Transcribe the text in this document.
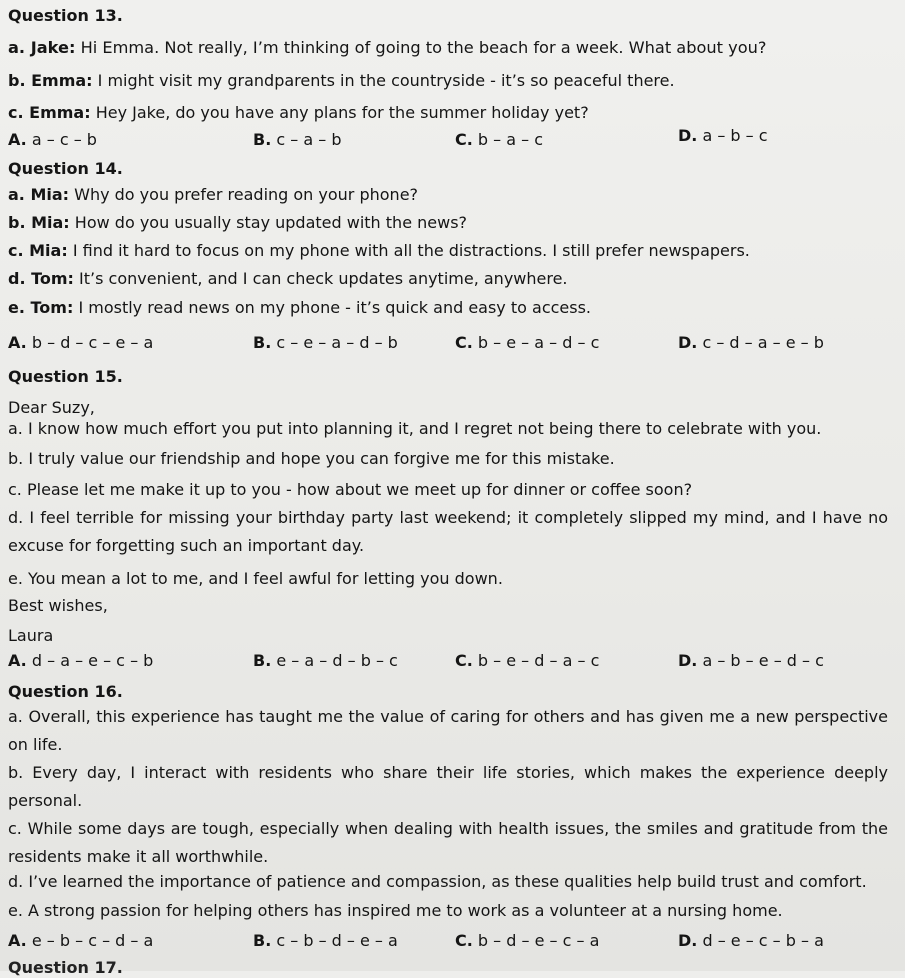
Question 13.
a. Jake: Hi Emma. Not really, I’m thinking of going to the beach for a week. What about you?
b. Emma: I might visit my grandparents in the countryside - it’s so peaceful there.
c. Emma: Hey Jake, do you have any plans for the summer holiday yet?
A. a – c – b	B. c – a – b	C. b – a – c	D. a – b – c
Question 14.
a. Mia: Why do you prefer reading on your phone?
b. Mia: How do you usually stay updated with the news?
c. Mia: I find it hard to focus on my phone with all the distractions. I still prefer newspapers.
d. Tom: It’s convenient, and I can check updates anytime, anywhere.
e. Tom: I mostly read news on my phone - it’s quick and easy to access.
A. b – d – c – e – a	B. c – e – a – d – b	C. b – e – a – d – c	D. c – d – a – e – b
Question 15.
Dear Suzy,
a. I know how much effort you put into planning it, and I regret not being there to celebrate with you.
b. I truly value our friendship and hope you can forgive me for this mistake.
c. Please let me make it up to you - how about we meet up for dinner or coffee soon?
d. I feel terrible for missing your birthday party last weekend; it completely slipped my mind, and I have no excuse for forgetting such an important day.
e. You mean a lot to me, and I feel awful for letting you down.
Best wishes,
Laura
A. d – a – e – c – b	B. e – a – d – b – c	C. b – e – d – a – c	D. a – b – e – d – c
Question 16.
a. Overall, this experience has taught me the value of caring for others and has given me a new perspective on life.
b. Every day, I interact with residents who share their life stories, which makes the experience deeply personal.
c. While some days are tough, especially when dealing with health issues, the smiles and gratitude from the residents make it all worthwhile.
d. I’ve learned the importance of patience and compassion, as these qualities help build trust and comfort.
e. A strong passion for helping others has inspired me to work as a volunteer at a nursing home.
A. e – b – c – d – a	B. c – b – d – e – a	C. b – d – e – c – a	D. d – e – c – b – a
Question 17.
